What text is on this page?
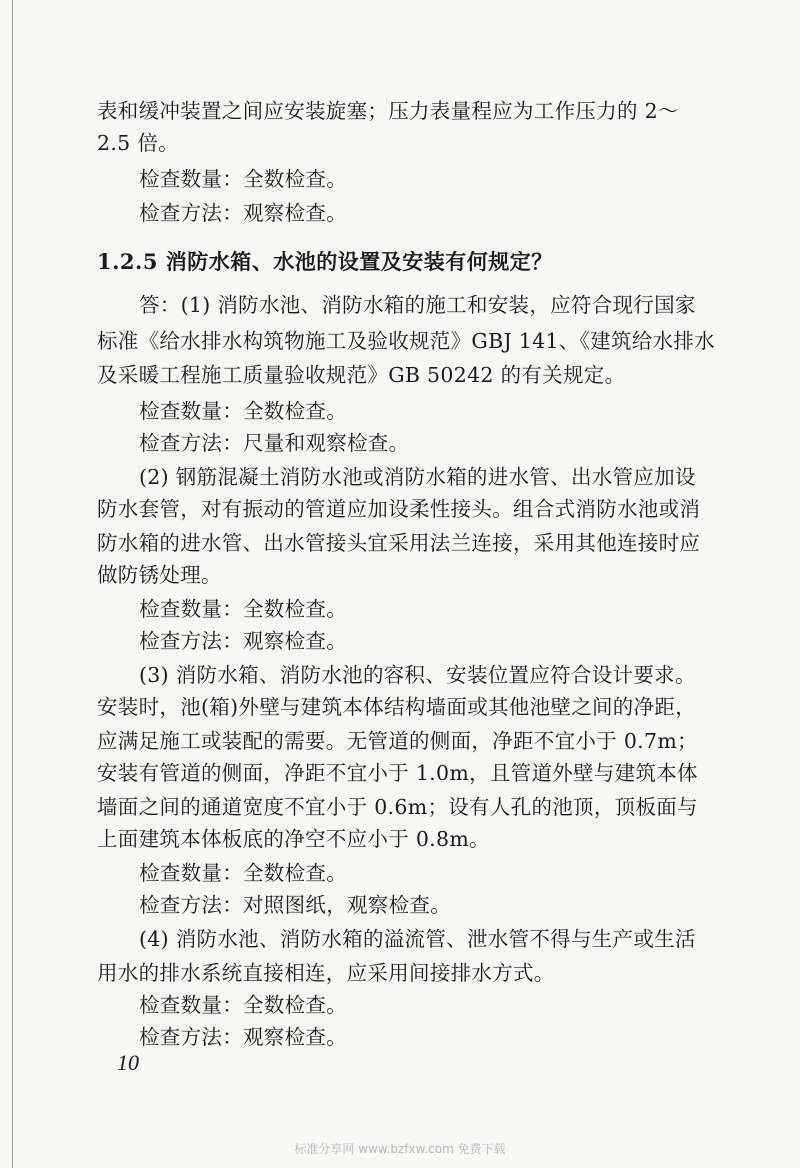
表和缓冲装置之间应安装旋塞；压力表量程应为工作压力的 2～
2.5 倍。
检查数量：全数检查。
检查方法：观察检查。
1.2.5 消防水箱、水池的设置及安装有何规定？
答：(1) 消防水池、消防水箱的施工和安装，应符合现行国家
标准《给水排水构筑物施工及验收规范》GBJ 141、《建筑给水排水
及采暖工程施工质量验收规范》GB 50242 的有关规定。
检查数量：全数检查。
检查方法：尺量和观察检查。
(2) 钢筋混凝土消防水池或消防水箱的进水管、出水管应加设
防水套管，对有振动的管道应加设柔性接头。组合式消防水池或消
防水箱的进水管、出水管接头宜采用法兰连接，采用其他连接时应
做防锈处理。
检查数量：全数检查。
检查方法：观察检查。
(3) 消防水箱、消防水池的容积、安装位置应符合设计要求。
安装时，池(箱)外壁与建筑本体结构墙面或其他池壁之间的净距，
应满足施工或装配的需要。无管道的侧面，净距不宜小于 0.7m；
安装有管道的侧面，净距不宜小于 1.0m，且管道外壁与建筑本体
墙面之间的通道宽度不宜小于 0.6m；设有人孔的池顶，顶板面与
上面建筑本体板底的净空不应小于 0.8m。
检查数量：全数检查。
检查方法：对照图纸，观察检查。
(4) 消防水池、消防水箱的溢流管、泄水管不得与生产或生活
用水的排水系统直接相连，应采用间接排水方式。
检查数量：全数检查。
检查方法：观察检查。
10
标准分享网 www.bzfxw.com 免费下载
